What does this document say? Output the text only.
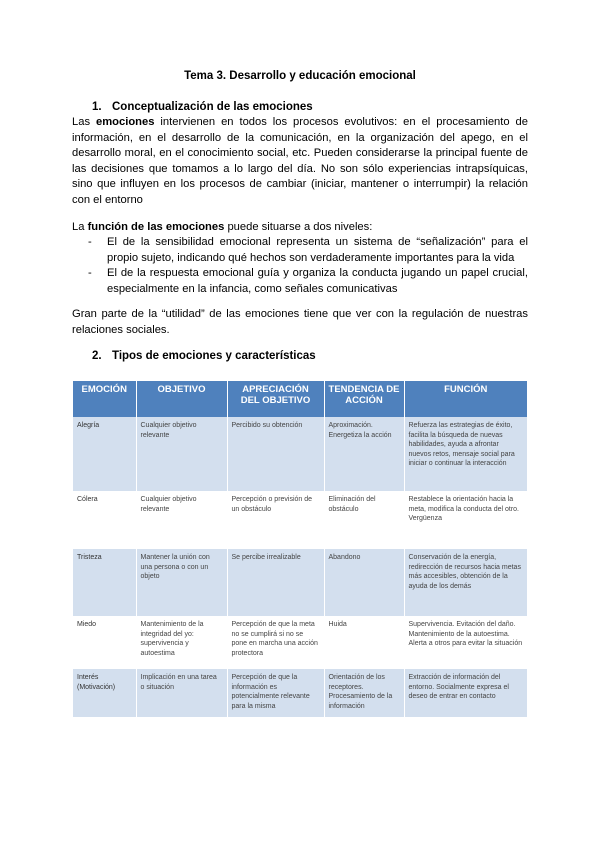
Tema 3. Desarrollo y educación emocional
1. Conceptualización de las emociones
Las emociones intervienen en todos los procesos evolutivos: en el procesamiento de información, en el desarrollo de la comunicación, en la organización del apego, en el desarrollo moral, en el conocimiento social, etc. Pueden considerarse la principal fuente de las decisiones que tomamos a lo largo del día. No son sólo experiencias intrapsíquicas, sino que influyen en los procesos de cambiar (iniciar, mantener o interrumpir) la relación con el entorno
La función de las emociones puede situarse a dos niveles:
- El de la sensibilidad emocional representa un sistema de “señalización” para el propio sujeto, indicando qué hechos son verdaderamente importantes para la vida
- El de la respuesta emocional guía y organiza la conducta jugando un papel crucial, especialmente en la infancia, como señales comunicativas
Gran parte de la “utilidad” de las emociones tiene que ver con la regulación de nuestras relaciones sociales.
2. Tipos de emociones y características
EMOCIÓN	OBJETIVO	APRECIACIÓN DEL OBJETIVO	TENDENCIA DE ACCIÓN	FUNCIÓN
Alegría	Cualquier objetivo relevante	Percibido su obtención	Aproximación. Energetiza la acción	Refuerza las estrategias de éxito, facilita la búsqueda de nuevas habilidades, ayuda a afrontar nuevos retos, mensaje social para iniciar o continuar la interacción
Cólera	Cualquier objetivo relevante	Percepción o previsión de un obstáculo	Eliminación del obstáculo	Restablece la orientación hacia la meta, modifica la conducta del otro. Vergüenza
Tristeza	Mantener la unión con una persona o con un objeto	Se percibe irrealizable	Abandono	Conservación de la energía, redirección de recursos hacia metas más accesibles, obtención de la ayuda de los demás
Miedo	Mantenimiento de la integridad del yo: supervivencia y autoestima	Percepción de que la meta no se cumplirá si no se pone en marcha una acción protectora	Huida	Supervivencia. Evitación del daño. Mantenimiento de la autoestima. Alerta a otros para evitar la situación
Interés (Motivación)	Implicación en una tarea o situación	Percepción de que la información es potencialmente relevante para la misma	Orientación de los receptores. Procesamiento de la información	Extracción de información del entorno. Socialmente expresa el deseo de entrar en contacto
